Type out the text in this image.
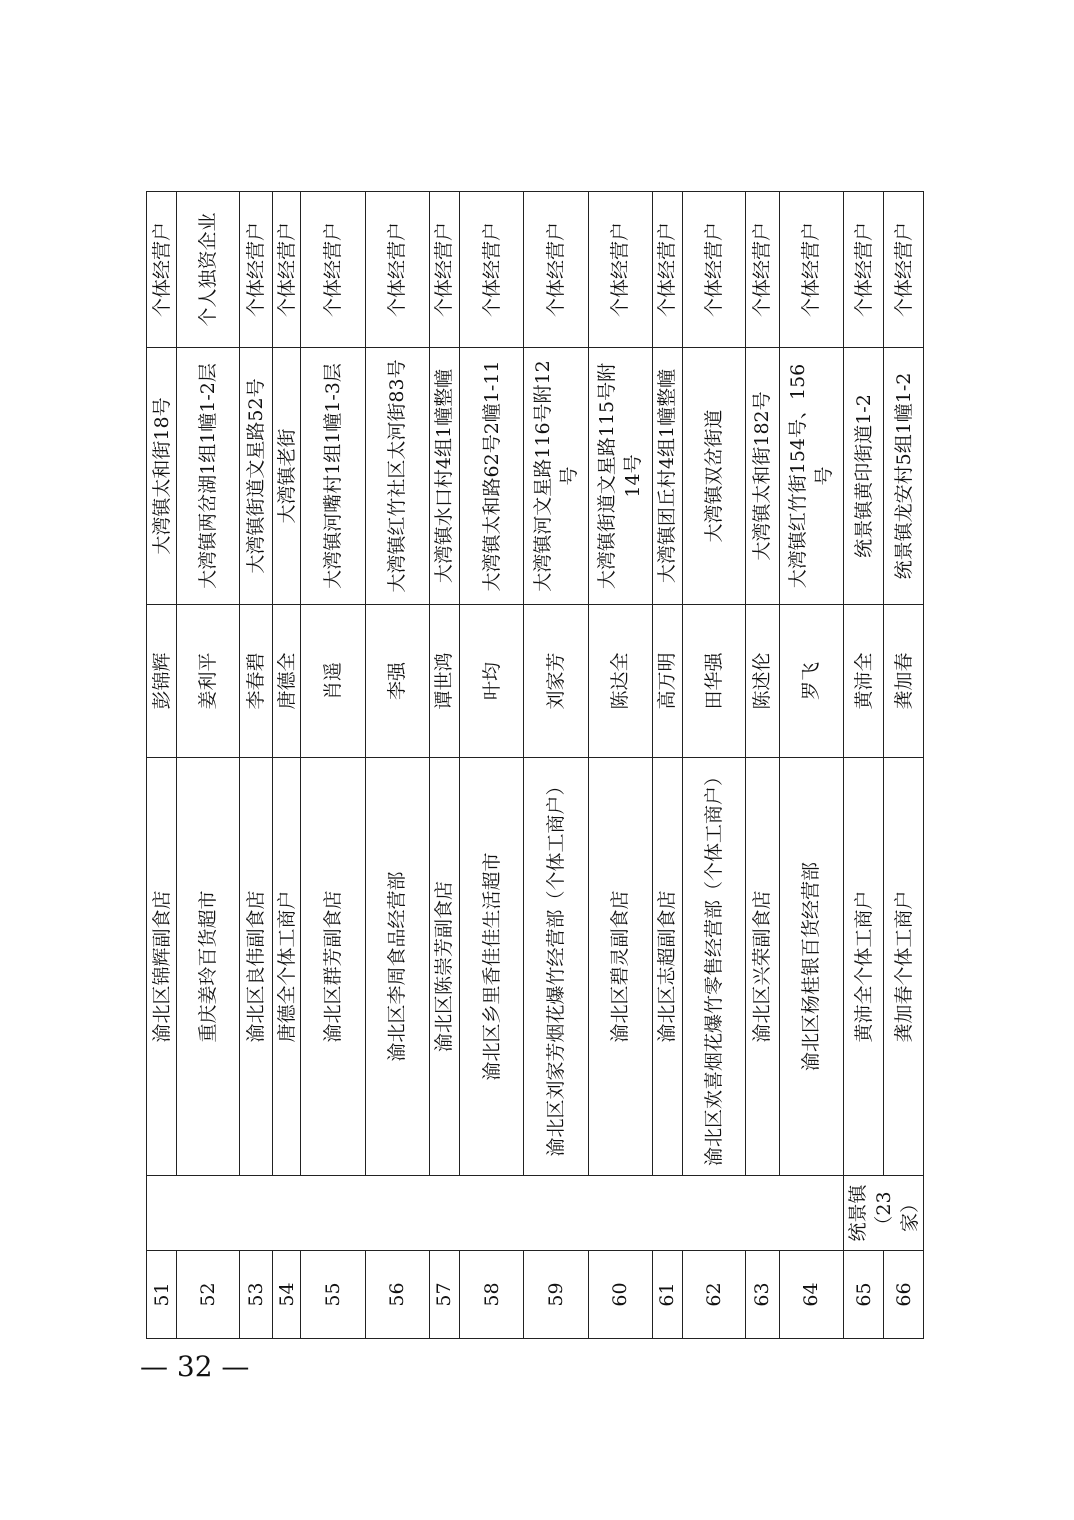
51		渝北区锦辉副食店	彭锦辉	大湾镇太和街18号	个体经营户
52		重庆姜玲百货超市	姜利平	大湾镇两岔湖1组1幢1-2层	个人独资企业
53		渝北区良伟副食店	李春碧	大湾镇街道文星路52号	个体经营户
54		唐德全个体工商户	唐德全	大湾镇老街	个体经营户
55		渝北区群芳副食店	肖遥	大湾镇河嘴村1组1幢1-3层	个体经营户
56		渝北区李周食品经营部	李强	大湾镇红竹社区太河街83号	个体经营户
57		渝北区陈崇芳副食店	谭世鸿	大湾镇水口村4组1幢整幢	个体经营户
58		渝北区乡里香佳佳生活超市	叶均	大湾镇太和路62号2幢1-11	个体经营户
59		渝北区刘家芳烟花爆竹经营部（个体工商户）	刘家芳	大湾镇河文星路116号附12号	个体经营户
60		渝北区碧灵副食店	陈达全	大湾镇街道文星路115号附14号	个体经营户
61		渝北区志超副食店	高万明	大湾镇团丘村4组1幢整幢	个体经营户
62		渝北区欢喜烟花爆竹零售经营部（个体工商户）	田华强	大湾镇双岔街道	个体经营户
63		渝北区兴荣副食店	陈述伦	大湾镇太和街182号	个体经营户
64		渝北区杨桂银百货经营部	罗飞	大湾镇红竹街154号、156号	个体经营户
65	统景镇 （23家）	黄沛全个体工商户	黄沛全	统景镇黄印街道1-2	个体经营户
66		龚加春个体工商户	龚加春	统景镇龙安村5组1幢1-2	个体经营户
— 32 —
